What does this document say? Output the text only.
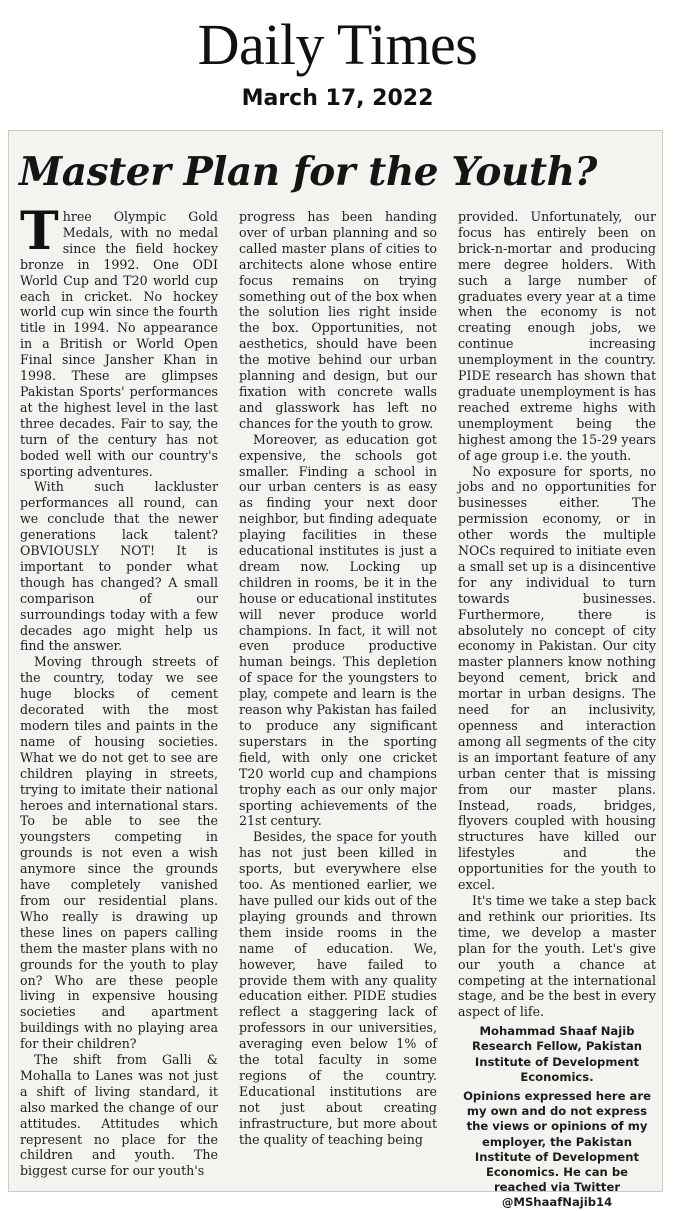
Daily Times
March 17, 2022
Master Plan for the Youth?

Three Olympic Gold Medals, with no medal since the field hockey bronze in 1992. One ODI World Cup and T20 world cup each in cricket. No hockey world cup win since the fourth title in 1994. No appearance in a British or World Open Final since Jansher Khan in 1998. These are glimpses Pakistan Sports' performances at the highest level in the last three decades. Fair to say, the turn of the century has not boded well with our country's sporting adventures.

With such lackluster performances all round, can we conclude that the newer generations lack talent? OBVIOUSLY NOT! It is important to ponder what though has changed? A small comparison of our surroundings today with a few decades ago might help us find the answer.

Moving through streets of the country, today we see huge blocks of cement decorated with the most modern tiles and paints in the name of housing societies. What we do not get to see are children playing in streets, trying to imitate their national heroes and international stars. To be able to see the youngsters competing in grounds is not even a wish anymore since the grounds have completely vanished from our residential plans. Who really is drawing up these lines on papers calling them the master plans with no grounds for the youth to play on? Who are these people living in expensive housing societies and apartment buildings with no playing area for their children?

The shift from Galli & Mohalla to Lanes was not just a shift of living standard, it also marked the change of our attitudes. Attitudes which represent no place for the children and youth. The biggest curse for our youth's

progress has been handing over of urban planning and so called master plans of cities to architects alone whose entire focus remains on trying something out of the box when the solution lies right inside the box. Opportunities, not aesthetics, should have been the motive behind our urban planning and design, but our fixation with concrete walls and glasswork has left no chances for the youth to grow.

Moreover, as education got expensive, the schools got smaller. Finding a school in our urban centers is as easy as finding your next door neighbor, but finding adequate playing facilities in these educational institutes is just a dream now. Locking up children in rooms, be it in the house or educational institutes will never produce world champions. In fact, it will not even produce productive human beings. This depletion of space for the youngsters to play, compete and learn is the reason why Pakistan has failed to produce any significant superstars in the sporting field, with only one cricket T20 world cup and champions trophy each as our only major sporting achievements of the 21st century.

Besides, the space for youth has not just been killed in sports, but everywhere else too. As mentioned earlier, we have pulled our kids out of the playing grounds and thrown them inside rooms in the name of education. We, however, have failed to provide them with any quality education either. PIDE studies reflect a staggering lack of professors in our universities, averaging even below 1% of the total faculty in some regions of the country. Educational institutions are not just about creating infrastructure, but more about the quality of teaching being

provided. Unfortunately, our focus has entirely been on brick-n-mortar and producing mere degree holders. With such a large number of graduates every year at a time when the economy is not creating enough jobs, we continue increasing unemployment in the country. PIDE research has shown that graduate unemployment is has reached extreme highs with unemployment being the highest among the 15-29 years of age group i.e. the youth.

No exposure for sports, no jobs and no opportunities for businesses either. The permission economy, or in other words the multiple NOCs required to initiate even a small set up is a disincentive for any individual to turn towards businesses. Furthermore, there is absolutely no concept of city economy in Pakistan. Our city master planners know nothing beyond cement, brick and mortar in urban designs. The need for an inclusivity, openness and interaction among all segments of the city is an important feature of any urban center that is missing from our master plans. Instead, roads, bridges, flyovers coupled with housing structures have killed our lifestyles and the opportunities for the youth to excel.

It's time we take a step back and rethink our priorities. Its time, we develop a master plan for the youth. Let's give our youth a chance at competing at the international stage, and be the best in every aspect of life.

Mohammad Shaaf Najib
Research Fellow, Pakistan Institute of Development Economics.
Opinions expressed here are my own and do not express the views or opinions of my employer, the Pakistan Institute of Development Economics. He can be reached via Twitter @MShaafNajib14
